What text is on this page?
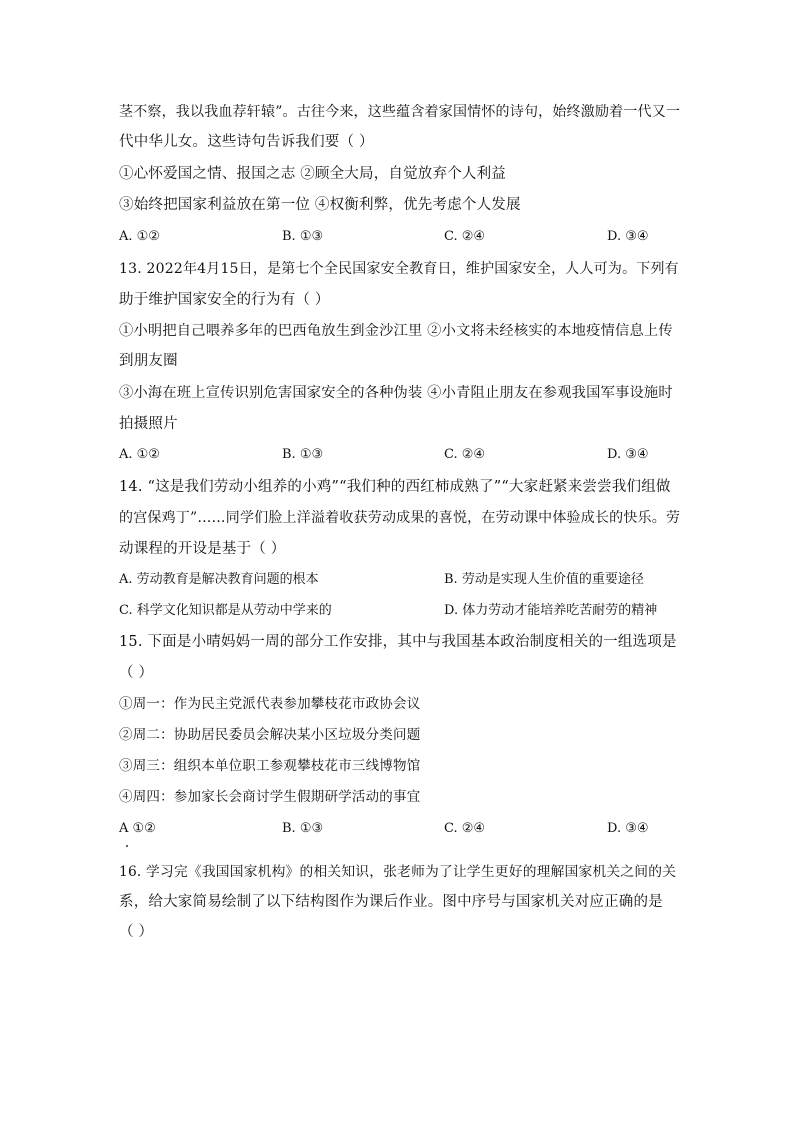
茎不察，我以我血荐轩辕”。古往今来，这些蕴含着家国情怀的诗句，始终激励着一代又一
代中华儿女。这些诗句告诉我们要（ ）
①心怀爱国之情、报国之志 ②顾全大局，自觉放弃个人利益
③始终把国家利益放在第一位 ④权衡利弊，优先考虑个人发展
A. ①②	B. ①③	C. ②④	D. ③④
13. 2022年4月15日，是第七个全民国家安全教育日，维护国家安全，人人可为。下列有
助于维护国家安全的行为有（ ）
①小明把自己喂养多年的巴西龟放生到金沙江里 ②小文将未经核实的本地疫情信息上传
到朋友圈
③小海在班上宣传识别危害国家安全的各种伪装 ④小青阻止朋友在参观我国军事设施时
拍摄照片
A. ①②	B. ①③	C. ②④	D. ③④
14. “这是我们劳动小组养的小鸡”“我们种的西红柿成熟了”“大家赶紧来尝尝我们组做
的宫保鸡丁”……同学们脸上洋溢着收获劳动成果的喜悦，在劳动课中体验成长的快乐。劳
动课程的开设是基于（ ）
A. 劳动教育是解决教育问题的根本	B. 劳动是实现人生价值的重要途径
C. 科学文化知识都是从劳动中学来的	D. 体力劳动才能培养吃苦耐劳的精神
15. 下面是小晴妈妈一周的部分工作安排，其中与我国基本政治制度相关的一组选项是
（ ）
①周一：作为民主党派代表参加攀枝花市政协会议
②周二：协助居民委员会解决某小区垃圾分类问题
③周三：组织本单位职工参观攀枝花市三线博物馆
④周四：参加家长会商讨学生假期研学活动的事宜
A ①②	B. ①③	C. ②④	D. ③④
16. 学习完《我国国家机构》的相关知识，张老师为了让学生更好的理解国家机关之间的关
系，给大家简易绘制了以下结构图作为课后作业。图中序号与国家机关对应正确的是
（ ）
